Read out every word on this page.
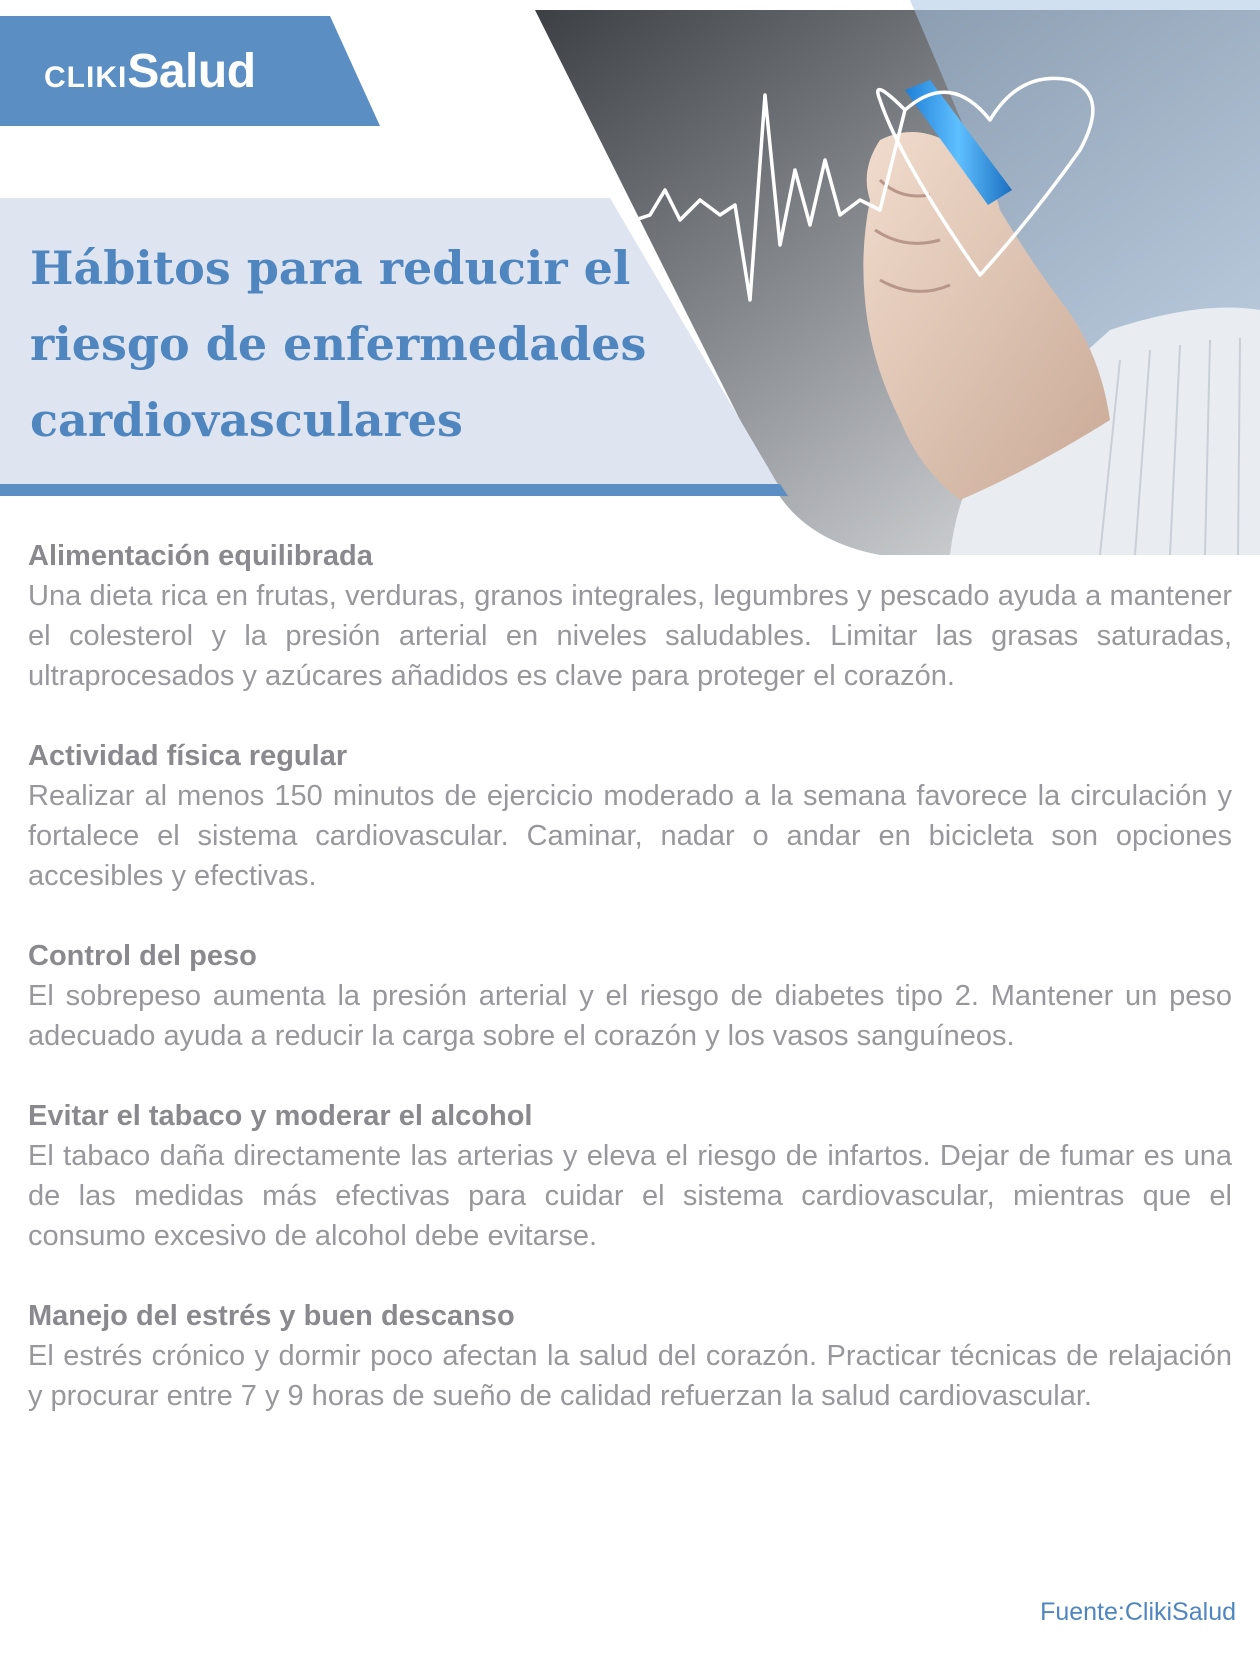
CLIKISalud
Hábitos para reducir el
riesgo de enfermedades
cardiovasculares
Alimentación equilibrada

Una dieta rica en frutas, verduras, granos integrales, legumbres y pescado ayuda a mantener el colesterol y la presión arterial en niveles saludables. Limitar las grasas saturadas, ultraprocesados y azúcares añadidos es clave para proteger el corazón.

Actividad física regular

Realizar al menos 150 minutos de ejercicio moderado a la semana favorece la circulación y fortalece el sistema cardiovascular. Caminar, nadar o andar en bicicleta son opciones accesibles y efectivas.

Control del peso

El sobrepeso aumenta la presión arterial y el riesgo de diabetes tipo 2. Mantener un peso adecuado ayuda a reducir la carga sobre el corazón y los vasos sanguíneos.

Evitar el tabaco y moderar el alcohol

El tabaco daña directamente las arterias y eleva el riesgo de infartos. Dejar de fumar es una de las medidas más efectivas para cuidar el sistema cardiovascular, mientras que el consumo excesivo de alcohol debe evitarse.

Manejo del estrés y buen descanso

El estrés crónico y dormir poco afectan la salud del corazón. Practicar técnicas de relajación y procurar entre 7 y 9 horas de sueño de calidad refuerzan la salud cardiovascular.

Fuente:ClikiSalud
